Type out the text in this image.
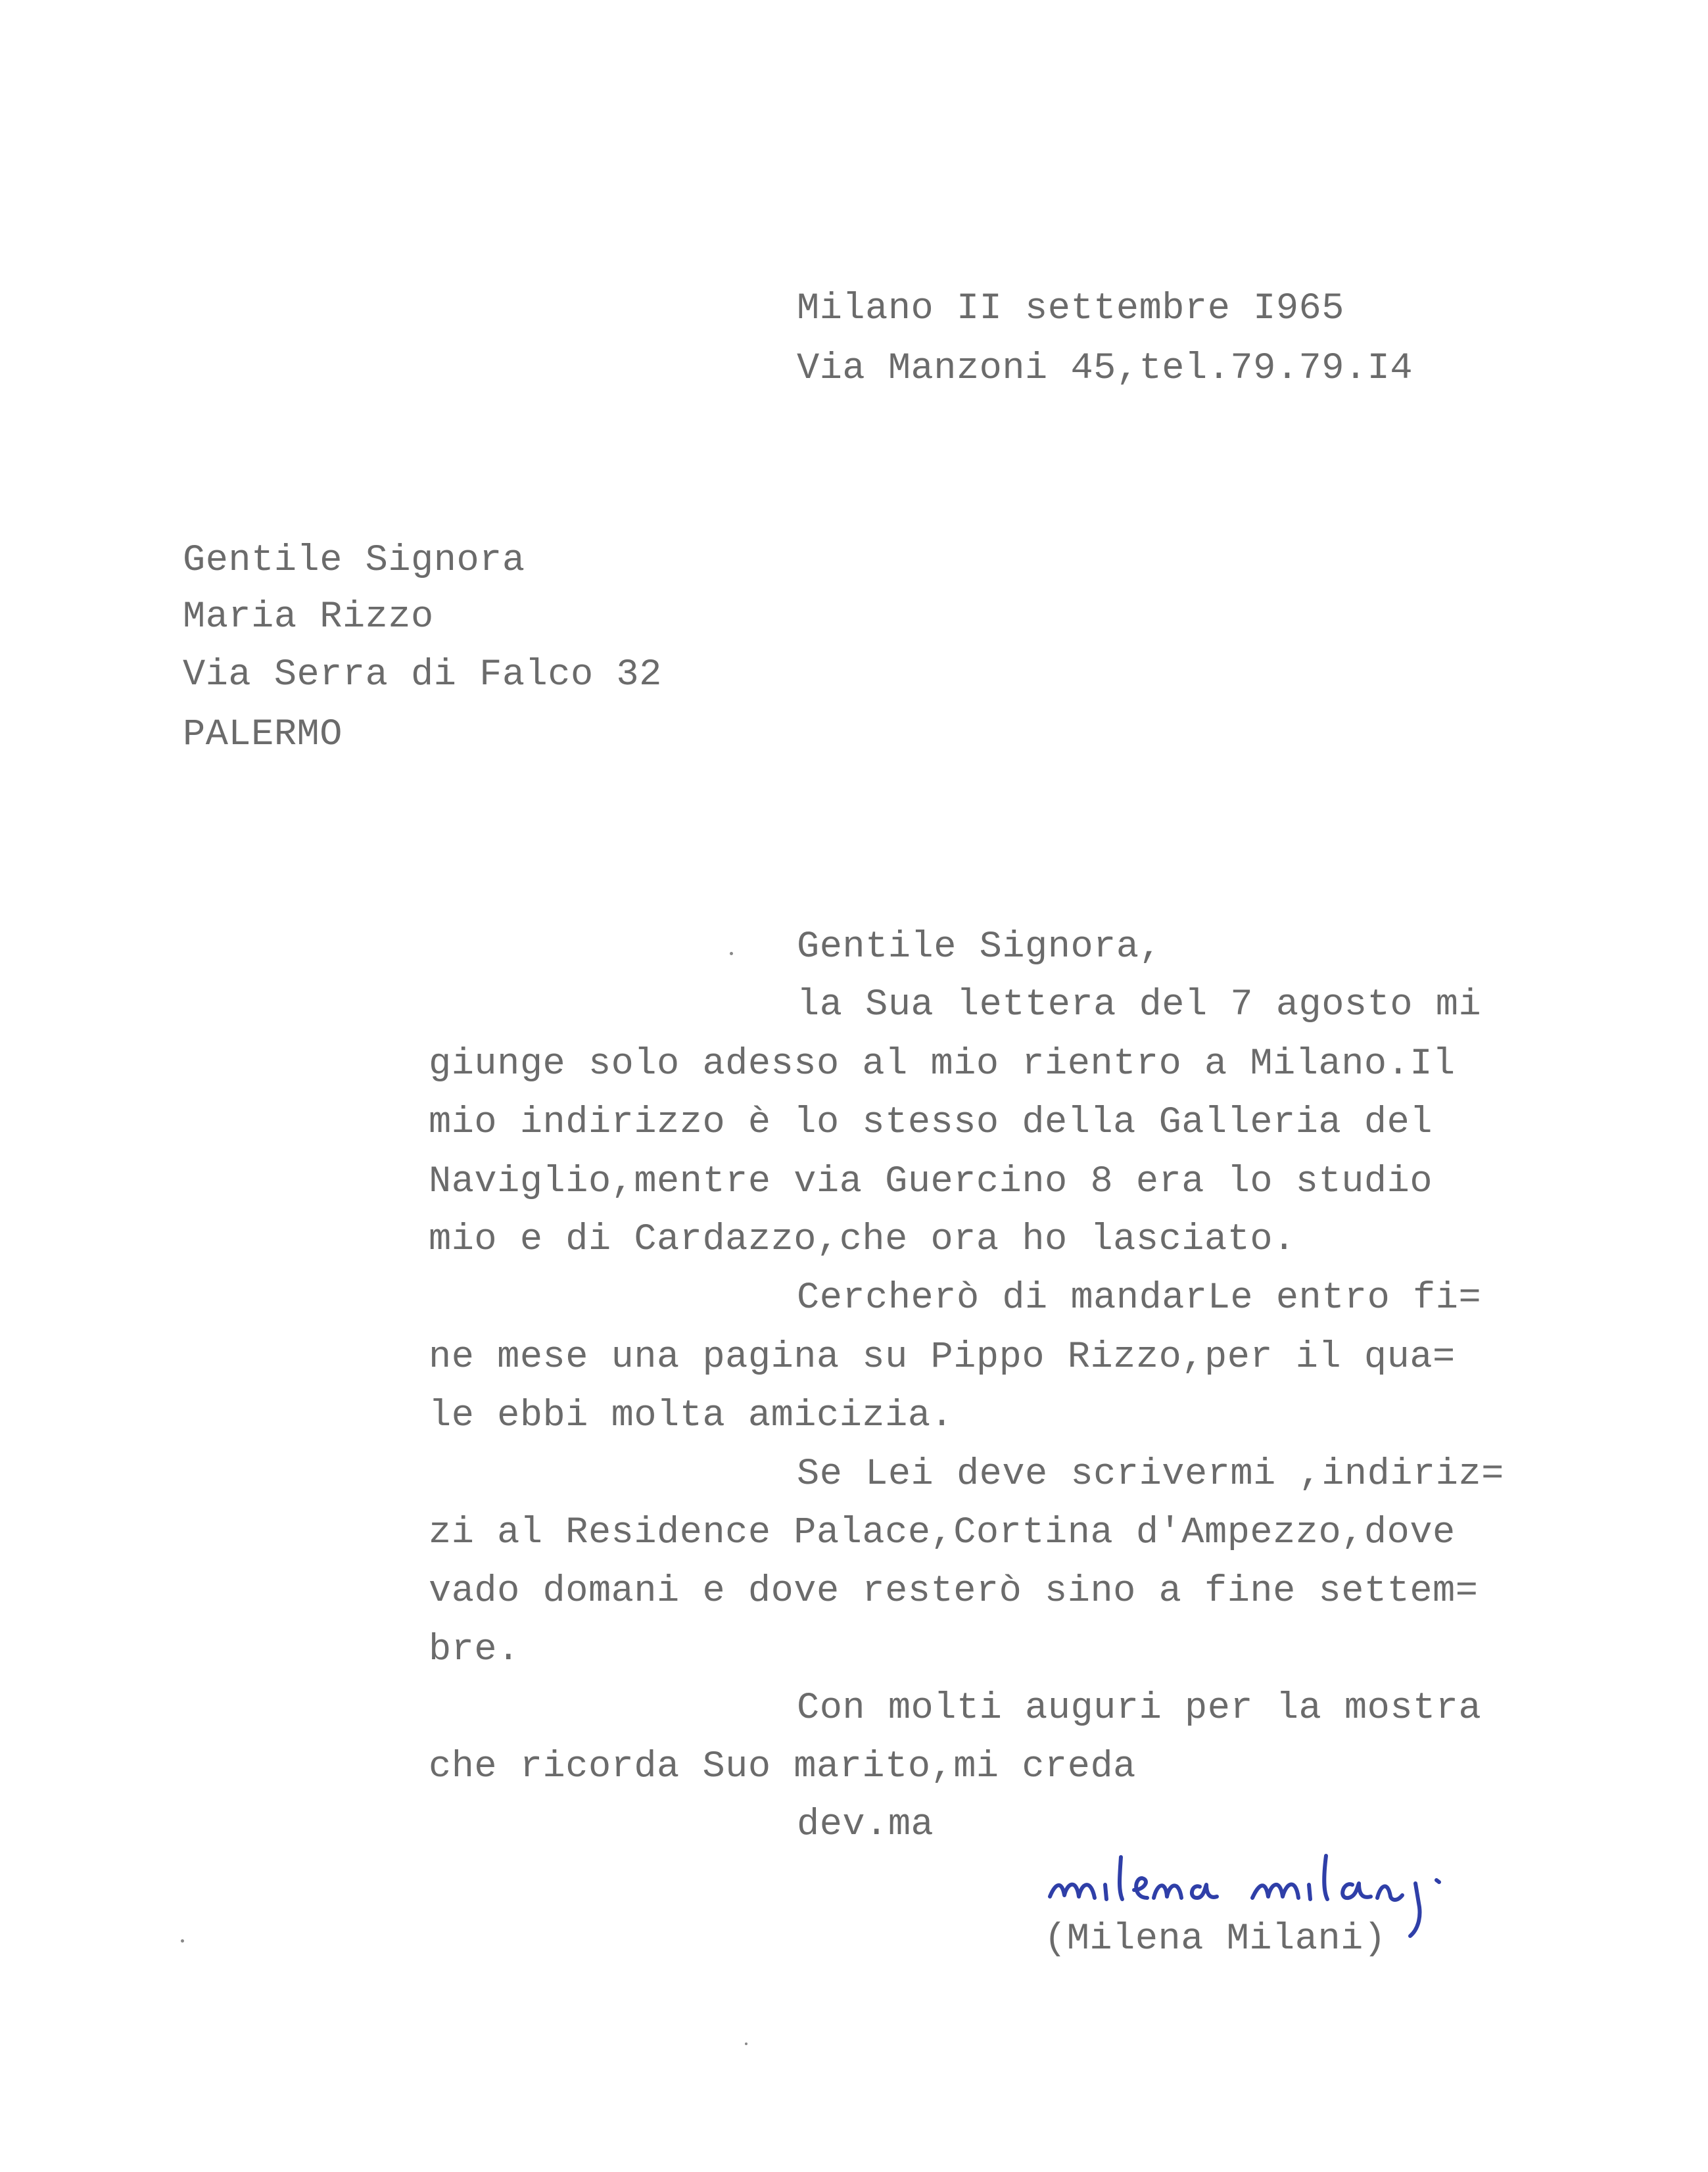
Milano II settembre I965
Via Manzoni 45,tel.79.79.I4
Gentile Signora
Maria Rizzo
Via Serra di Falco 32
PALERMO
Gentile Signora,
la Sua lettera del 7 agosto mi
giunge solo adesso al mio rientro a Milano.Il
mio indirizzo è lo stesso della Galleria del
Naviglio,mentre via Guercino 8 era lo studio
mio e di Cardazzo,che ora ho lasciato.
Cercherò di mandarLe entro fi=
ne mese una pagina su Pippo Rizzo,per il qua=
le ebbi molta amicizia.
Se Lei deve scrivermi ,indiriz=
zi al Residence Palace,Cortina d'Ampezzo,dove
vado domani e dove resterò sino a fine settem=
bre.
Con molti auguri per la mostra
che ricorda Suo marito,mi creda
dev.ma
(Milena Milani)
